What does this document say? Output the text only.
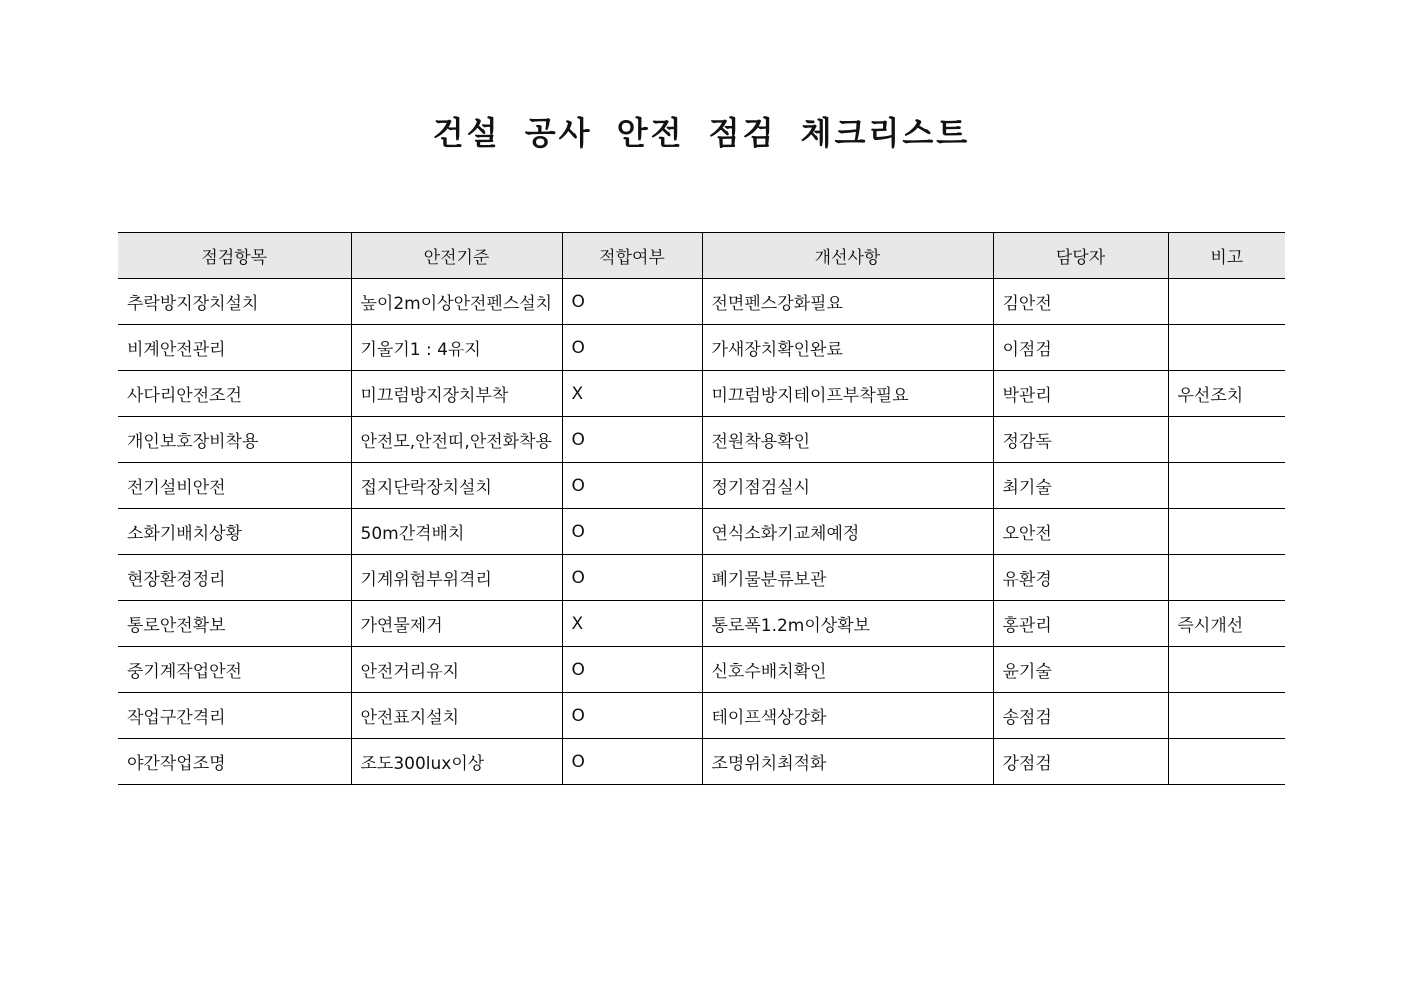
건설 공사 안전 점검 체크리스트
점검항목	안전기준	적합여부	개선사항	담당자	비고
추락방지장치설치	높이2m이상안전펜스설치	O	전면펜스강화필요	김안전	
비계안전관리	기울기1 : 4유지	O	가새장치확인완료	이점검	
사다리안전조건	미끄럼방지장치부착	X	미끄럼방지테이프부착필요	박관리	우선조치
개인보호장비착용	안전모,안전띠,안전화착용	O	전원착용확인	정감독	
전기설비안전	접지단락장치설치	O	정기점검실시	최기술	
소화기배치상황	50m간격배치	O	연식소화기교체예정	오안전	
현장환경정리	기계위험부위격리	O	폐기물분류보관	유환경	
통로안전확보	가연물제거	X	통로폭1.2m이상확보	홍관리	즉시개선
중기계작업안전	안전거리유지	O	신호수배치확인	윤기술	
작업구간격리	안전표지설치	O	테이프색상강화	송점검	
야간작업조명	조도300lux이상	O	조명위치최적화	강점검	
